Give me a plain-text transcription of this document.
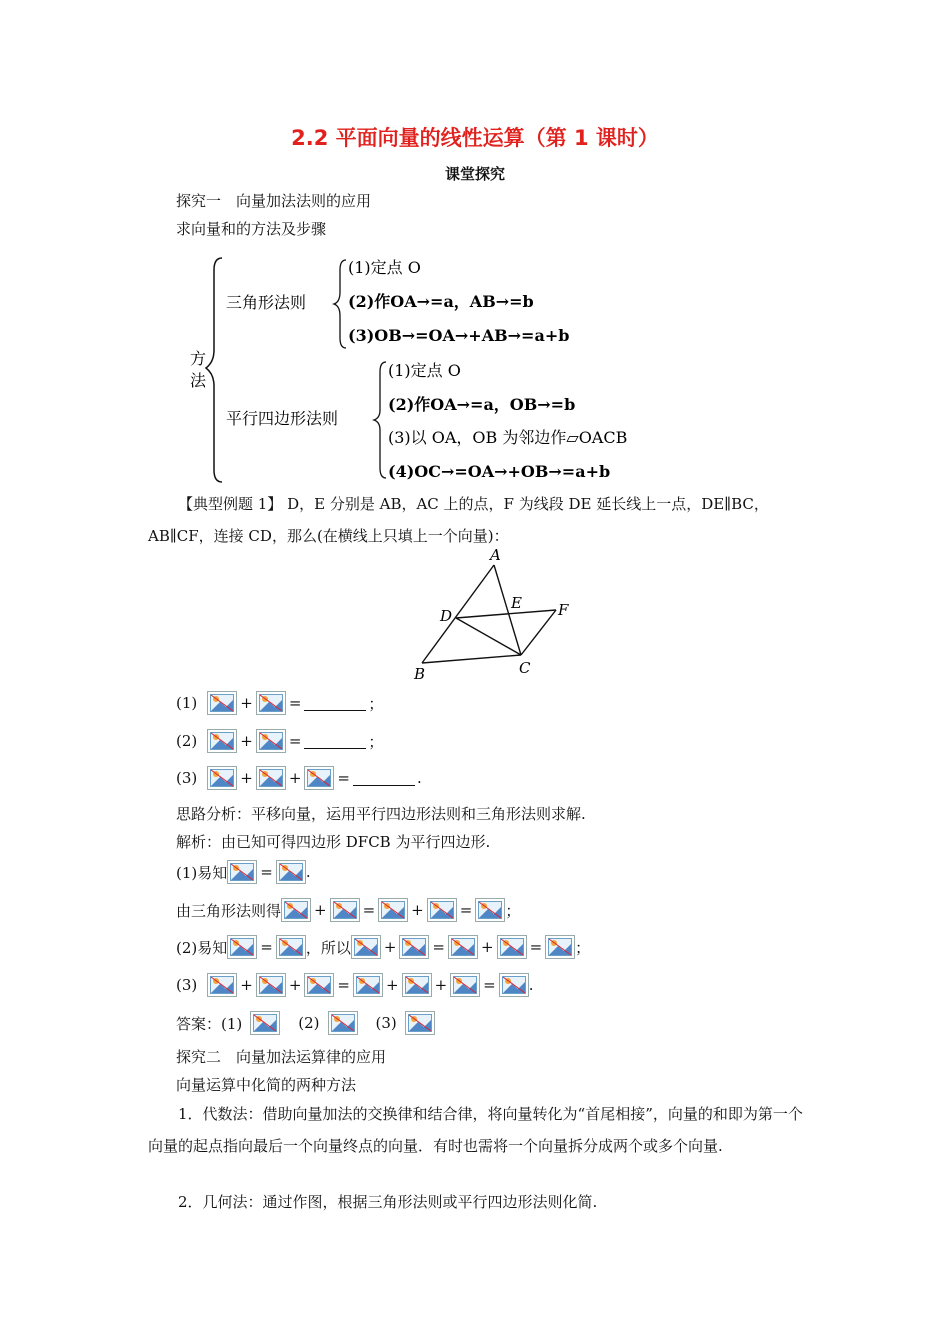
2.2 平面向量的线性运算（第 1 课时）
课堂探究
探究一　向量加法法则的应用
求向量和的方法及步骤
方
法
三角形法则
(1)定点 O
(2)作OA→=a，AB→=b
(3)OB→=OA→+AB→=a+b
平行四边形法则
(1)定点 O
(2)作OA→=a，OB→=b
(3)以 OA，OB 为邻边作▱OACB
(4)OC→=OA→+OB→=a+b
【典型例题 1】 D，E 分别是 AB，AC 上的点，F 为线段 DE 延长线上一点，DE∥BC，AB∥CF，连接 CD，那么(在横线上只填上一个向量)：
A
D
E F
B	C
(1)	+ =	；
(2)	+ =	；
(3)	+ + =	.
思路分析：平移向量，运用平行四边形法则和三角形法则求解.
解析：由已知可得四边形 DFCB 为平行四边形.
(1)易知 = .
由三角形法则得 + = + = ；
(2)易知 = ，所以 + = + = ；
(3)	+ + = + + = .
答案：(1)	(2)	(3)
探究二　向量加法运算律的应用
向量运算中化简的两种方法
1．代数法：借助向量加法的交换律和结合律，将向量转化为“首尾相接”，向量的和即为第一个向量的起点指向最后一个向量终点的向量．有时也需将一个向量拆分成两个或多个向量.
2．几何法：通过作图，根据三角形法则或平行四边形法则化简.
